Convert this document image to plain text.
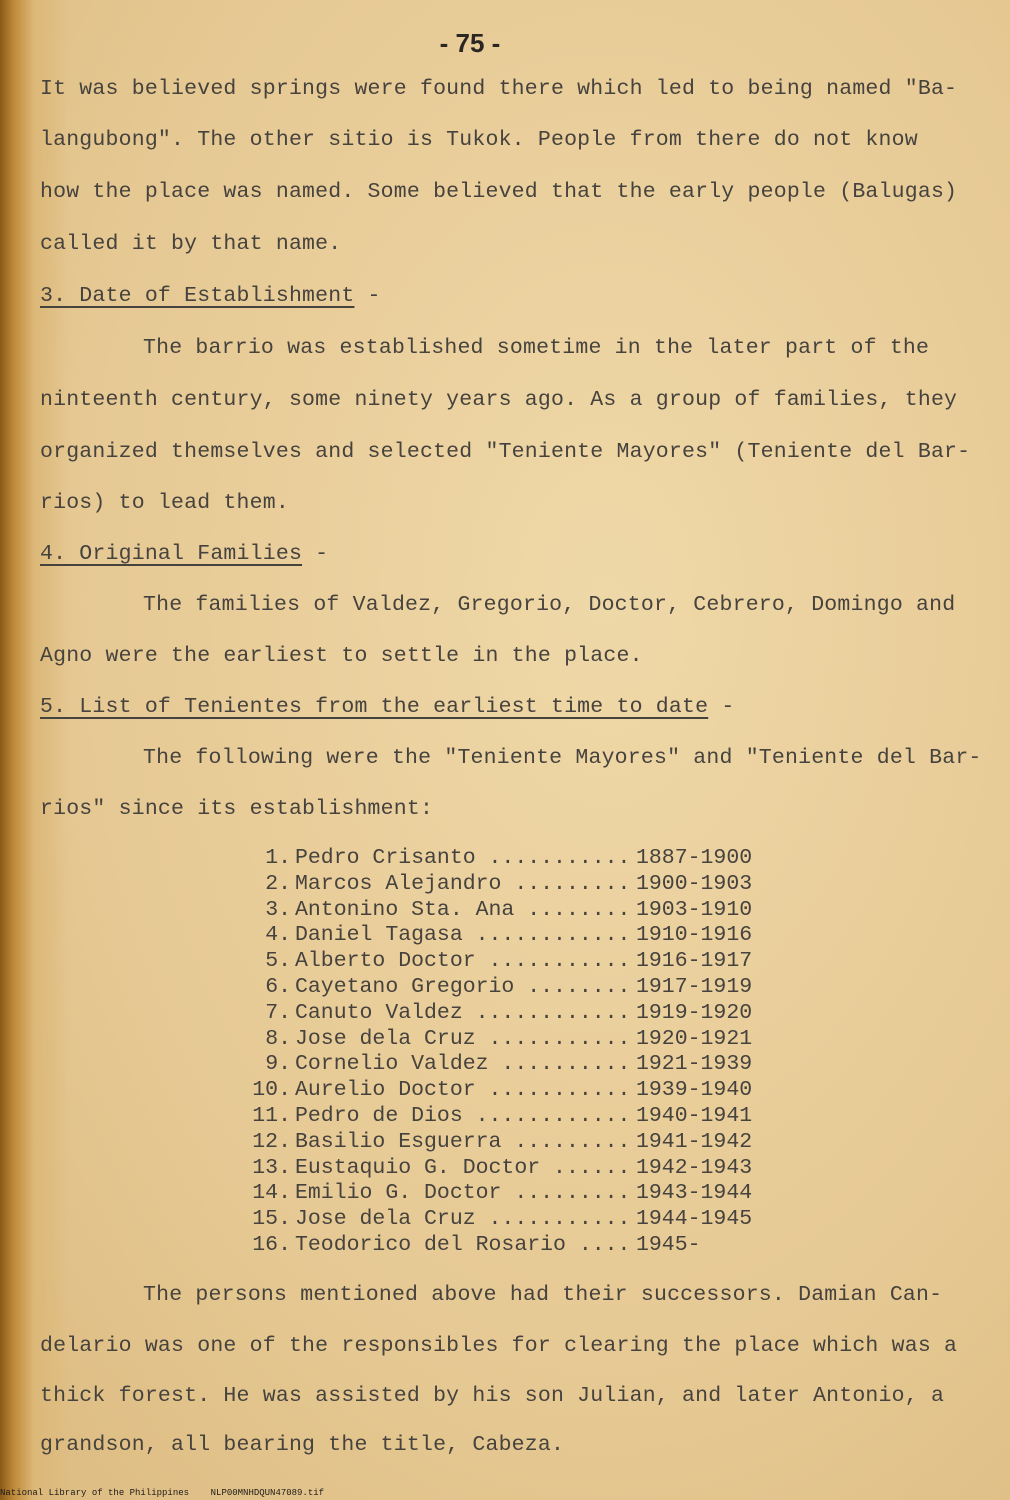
- 75 -
It was believed springs were found there which led to being named "Ba-
langubong". The other sitio is Tukok. People from there do not know
how the place was named. Some believed that the early people (Balugas)
called it by that name.
3. Date of Establishment -
The barrio was established sometime in the later part of the
ninteenth century, some ninety years ago. As a group of families, they
organized themselves and selected "Teniente Mayores" (Teniente del Bar-
rios) to lead them.
4. Original Families -
The families of Valdez, Gregorio, Doctor, Cebrero, Domingo and
Agno were the earliest to settle in the place.
5. List of Tenientes from the earliest time to date -
The following were the "Teniente Mayores" and "Teniente del Bar-
rios" since its establishment:
1. Pedro Crisanto ........... 1887-1900
2. Marcos Alejandro ......... 1900-1903
3. Antonino Sta. Ana ........ 1903-1910
4. Daniel Tagasa ............ 1910-1916
5. Alberto Doctor ........... 1916-1917
6. Cayetano Gregorio ........ 1917-1919
7. Canuto Valdez ............ 1919-1920
8. Jose dela Cruz ........... 1920-1921
9. Cornelio Valdez .......... 1921-1939
10. Aurelio Doctor ........... 1939-1940
11. Pedro de Dios ............ 1940-1941
12. Basilio Esguerra ......... 1941-1942
13. Eustaquio G. Doctor ...... 1942-1943
14. Emilio G. Doctor ......... 1943-1944
15. Jose dela Cruz ........... 1944-1945
16. Teodorico del Rosario .... 1945-
The persons mentioned above had their successors. Damian Can-
delario was one of the responsibles for clearing the place which was a
thick forest. He was assisted by his son Julian, and later Antonio, a
grandson, all bearing the title, Cabeza.
National Library of the Philippines NLP00MNHDQUN47089.tif
